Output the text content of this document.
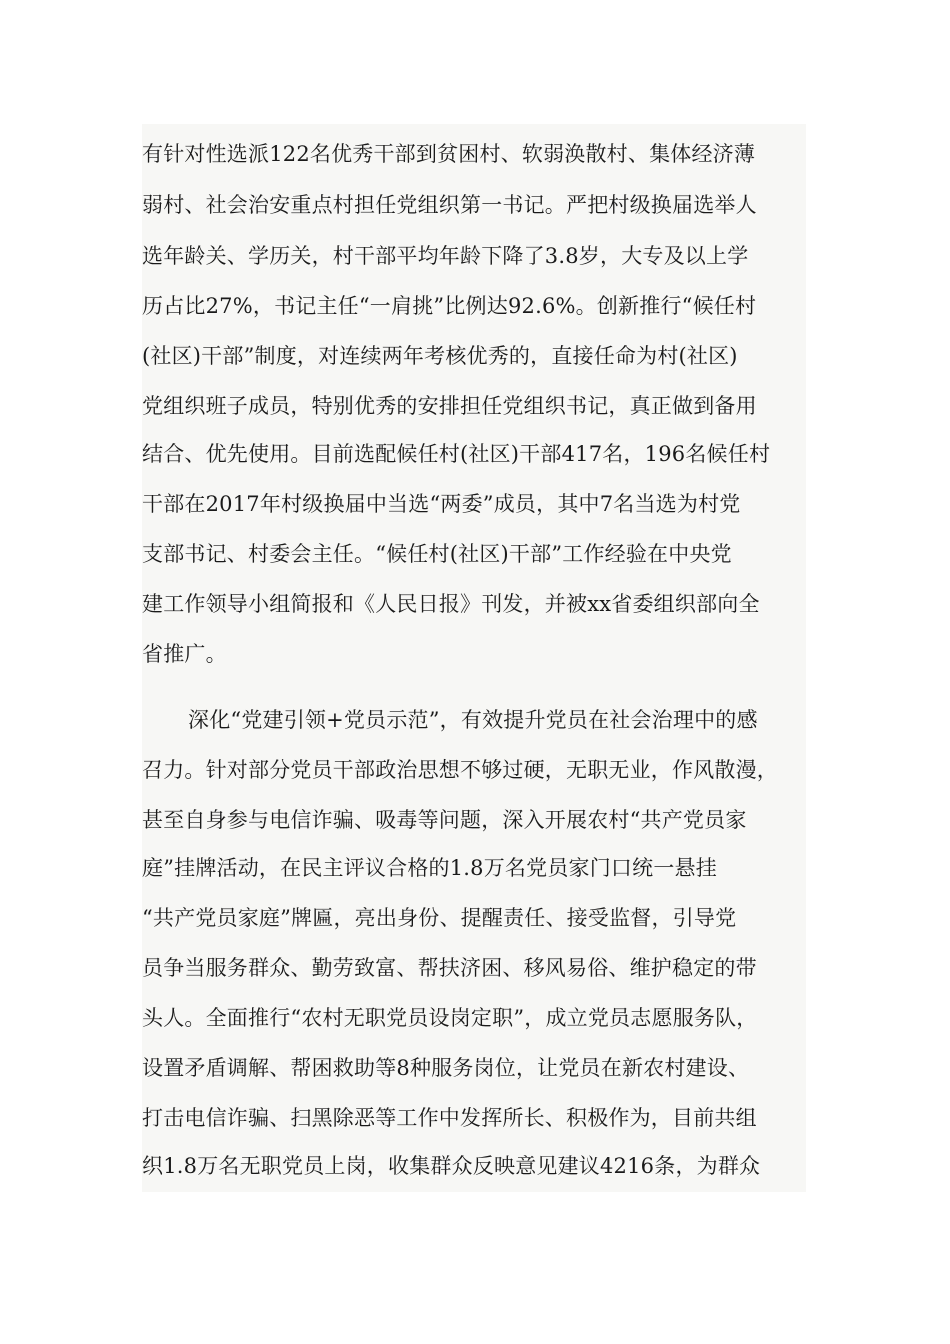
有针对性选派122名优秀干部到贫困村、软弱涣散村、集体经济薄
弱村、社会治安重点村担任党组织第一书记。严把村级换届选举人
选年龄关、学历关，村干部平均年龄下降了3.8岁，大专及以上学
历占比27%，书记主任“一肩挑”比例达92.6%。创新推行“候任村
(社区)干部”制度，对连续两年考核优秀的，直接任命为村(社区)
党组织班子成员，特别优秀的安排担任党组织书记，真正做到备用
结合、优先使用。目前选配候任村(社区)干部417名，196名候任村
干部在2017年村级换届中当选“两委”成员，其中7名当选为村党
支部书记、村委会主任。“候任村(社区)干部”工作经验在中央党
建工作领导小组简报和《人民日报》刊发，并被xx省委组织部向全
省推广。
深化“党建引领+党员示范”，有效提升党员在社会治理中的感
召力。针对部分党员干部政治思想不够过硬，无职无业，作风散漫，
甚至自身参与电信诈骗、吸毒等问题，深入开展农村“共产党员家
庭”挂牌活动，在民主评议合格的1.8万名党员家门口统一悬挂
“共产党员家庭”牌匾，亮出身份、提醒责任、接受监督，引导党
员争当服务群众、勤劳致富、帮扶济困、移风易俗、维护稳定的带
头人。全面推行“农村无职党员设岗定职”，成立党员志愿服务队，
设置矛盾调解、帮困救助等8种服务岗位，让党员在新农村建设、
打击电信诈骗、扫黑除恶等工作中发挥所长、积极作为，目前共组
织1.8万名无职党员上岗，收集群众反映意见建议4216条，为群众
